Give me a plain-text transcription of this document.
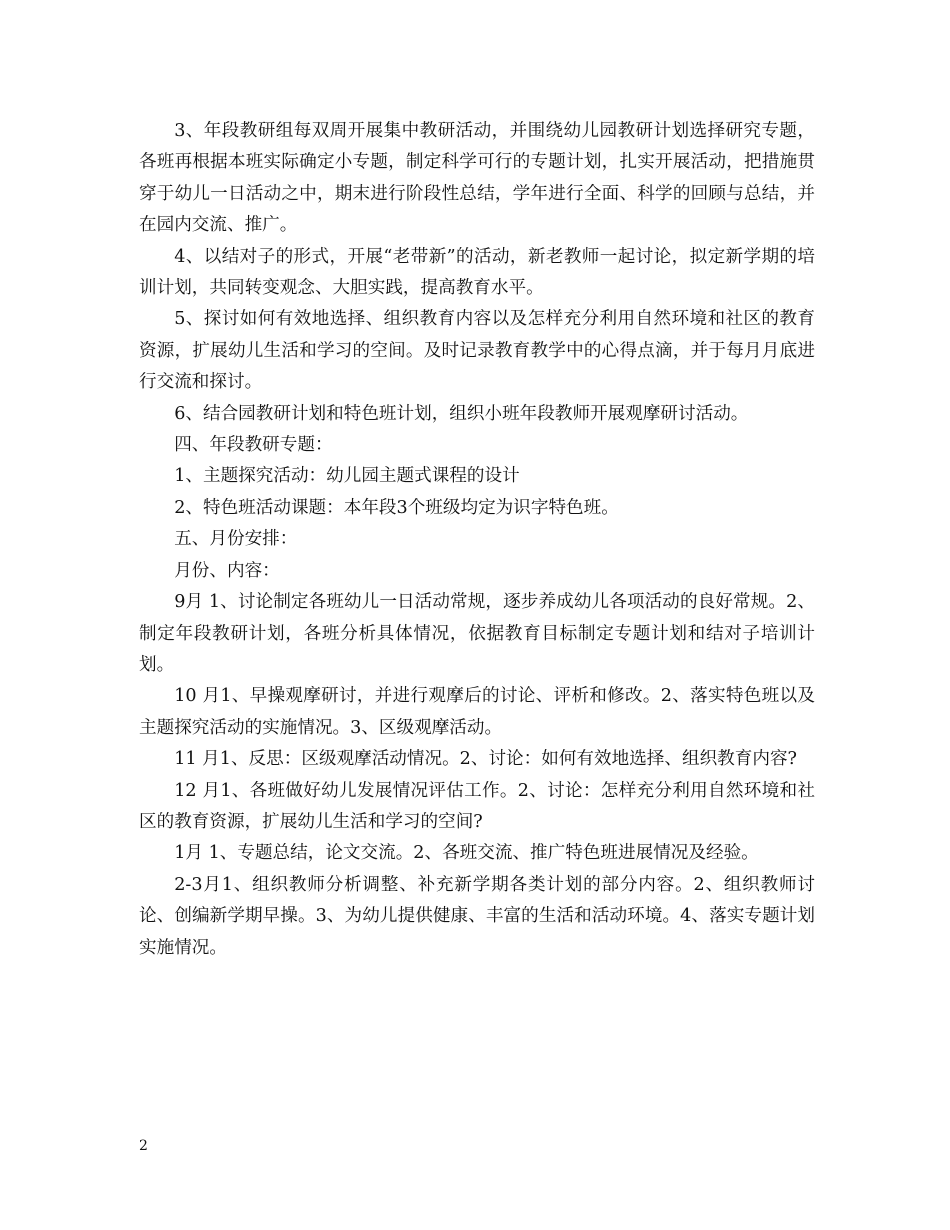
3、年段教研组每双周开展集中教研活动，并围绕幼儿园教研计划选择研究专题，各班再根据本班实际确定小专题，制定科学可行的专题计划，扎实开展活动，把措施贯穿于幼儿一日活动之中，期末进行阶段性总结，学年进行全面、科学的回顾与总结，并在园内交流、推广。

4、以结对子的形式，开展“老带新”的活动，新老教师一起讨论，拟定新学期的培训计划，共同转变观念、大胆实践，提高教育水平。

5、探讨如何有效地选择、组织教育内容以及怎样充分利用自然环境和社区的教育资源，扩展幼儿生活和学习的空间。及时记录教育教学中的心得点滴，并于每月月底进行交流和探讨。

6、结合园教研计划和特色班计划，组织小班年段教师开展观摩研讨活动。

四、年段教研专题：

1、主题探究活动：幼儿园主题式课程的设计

2、特色班活动课题：本年段3个班级均定为识字特色班。

五、月份安排：

月份、内容：

9月 1、讨论制定各班幼儿一日活动常规，逐步养成幼儿各项活动的良好常规。2、制定年段教研计划，各班分析具体情况，依据教育目标制定专题计划和结对子培训计划。

10 月1、早操观摩研讨，并进行观摩后的讨论、评析和修改。2、落实特色班以及主题探究活动的实施情况。3、区级观摩活动。

11 月1、反思：区级观摩活动情况。2、讨论：如何有效地选择、组织教育内容?

12 月1、各班做好幼儿发展情况评估工作。2、讨论：怎样充分利用自然环境和社区的教育资源，扩展幼儿生活和学习的空间?

1月 1、专题总结，论文交流。2、各班交流、推广特色班进展情况及经验。

2-3月1、组织教师分析调整、补充新学期各类计划的部分内容。2、组织教师讨论、创编新学期早操。3、为幼儿提供健康、丰富的生活和活动环境。4、落实专题计划实施情况。

2
